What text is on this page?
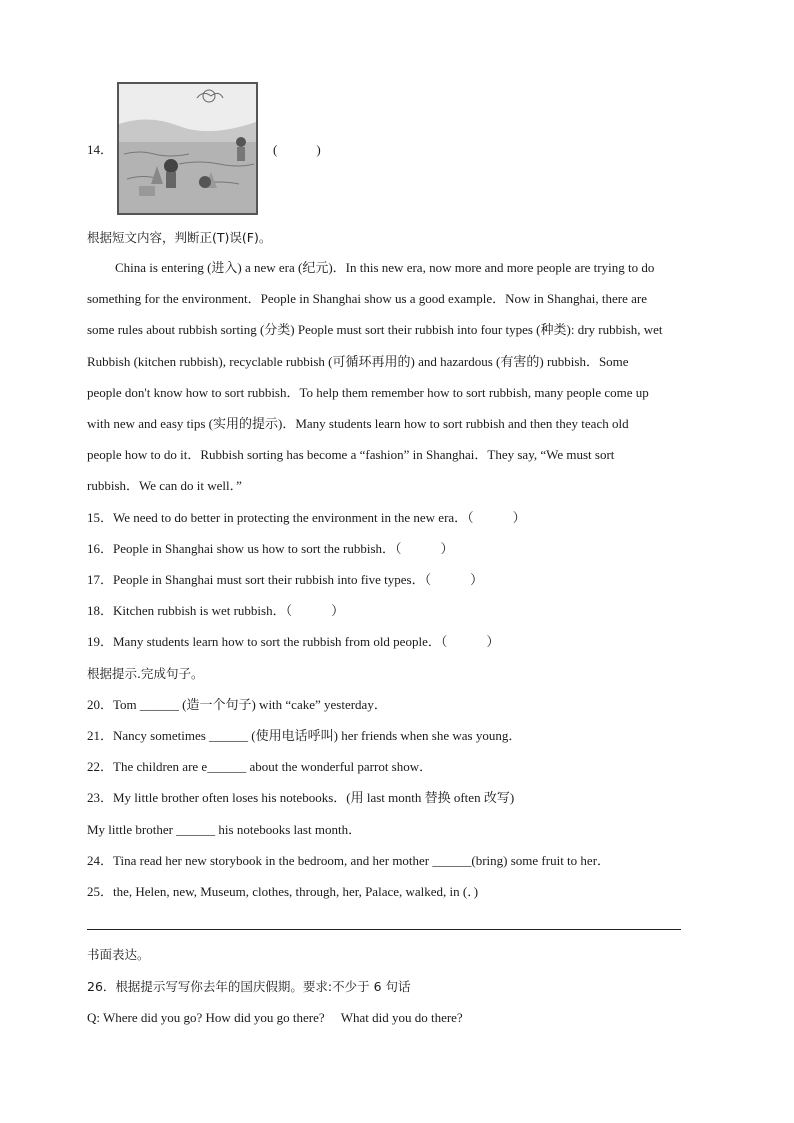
14．	(　　　)
根据短文内容，判断正(T)误(F)。
China is entering (进入) a new era (纪元)．In this new era, now more and more people are trying to do
something for the environment．People in Shanghai show us a good example．Now in Shanghai, there are
some rules about rubbish sorting (分类) People must sort their rubbish into four types (种类): dry rubbish, wet
Rubbish (kitchen rubbish), recyclable rubbish (可循环再用的) and hazardous (有害的) rubbish．Some
people don't know how to sort rubbish．To help them remember how to sort rubbish, many people come up
with new and easy tips (实用的提示)．Many students learn how to sort rubbish and then they teach old
people how to do it．Rubbish sorting has become a “fashion” in Shanghai．They say, “We must sort
rubbish．We can do it well．”
15．We need to do better in protecting the environment in the new era．（　　　）
16．People in Shanghai show us how to sort the rubbish．（　　　）
17．People in Shanghai must sort their rubbish into five types．（　　　）
18．Kitchen rubbish is wet rubbish．（　　　）
19．Many students learn how to sort the rubbish from old people．（　　　）
根据提示.完成句子。
20．Tom ______ (造一个句子) with “cake” yesterday．
21．Nancy sometimes ______ (使用电话呼叫) her friends when she was young．
22．The children are e______ about the wonderful parrot show．
23．My little brother often loses his notebooks．(用 last month 替换 often 改写)
My little brother ______ his notebooks last month．
24．Tina read her new storybook in the bedroom, and her mother ______(bring) some fruit to her．
25．the, Helen, new, Museum, clothes, through, her, Palace, walked, in (．)
书面表达。
26．根据提示写写你去年的国庆假期。要求:不少于 6 句话
Q: Where did you go? How did you go there?　 What did you do there?
